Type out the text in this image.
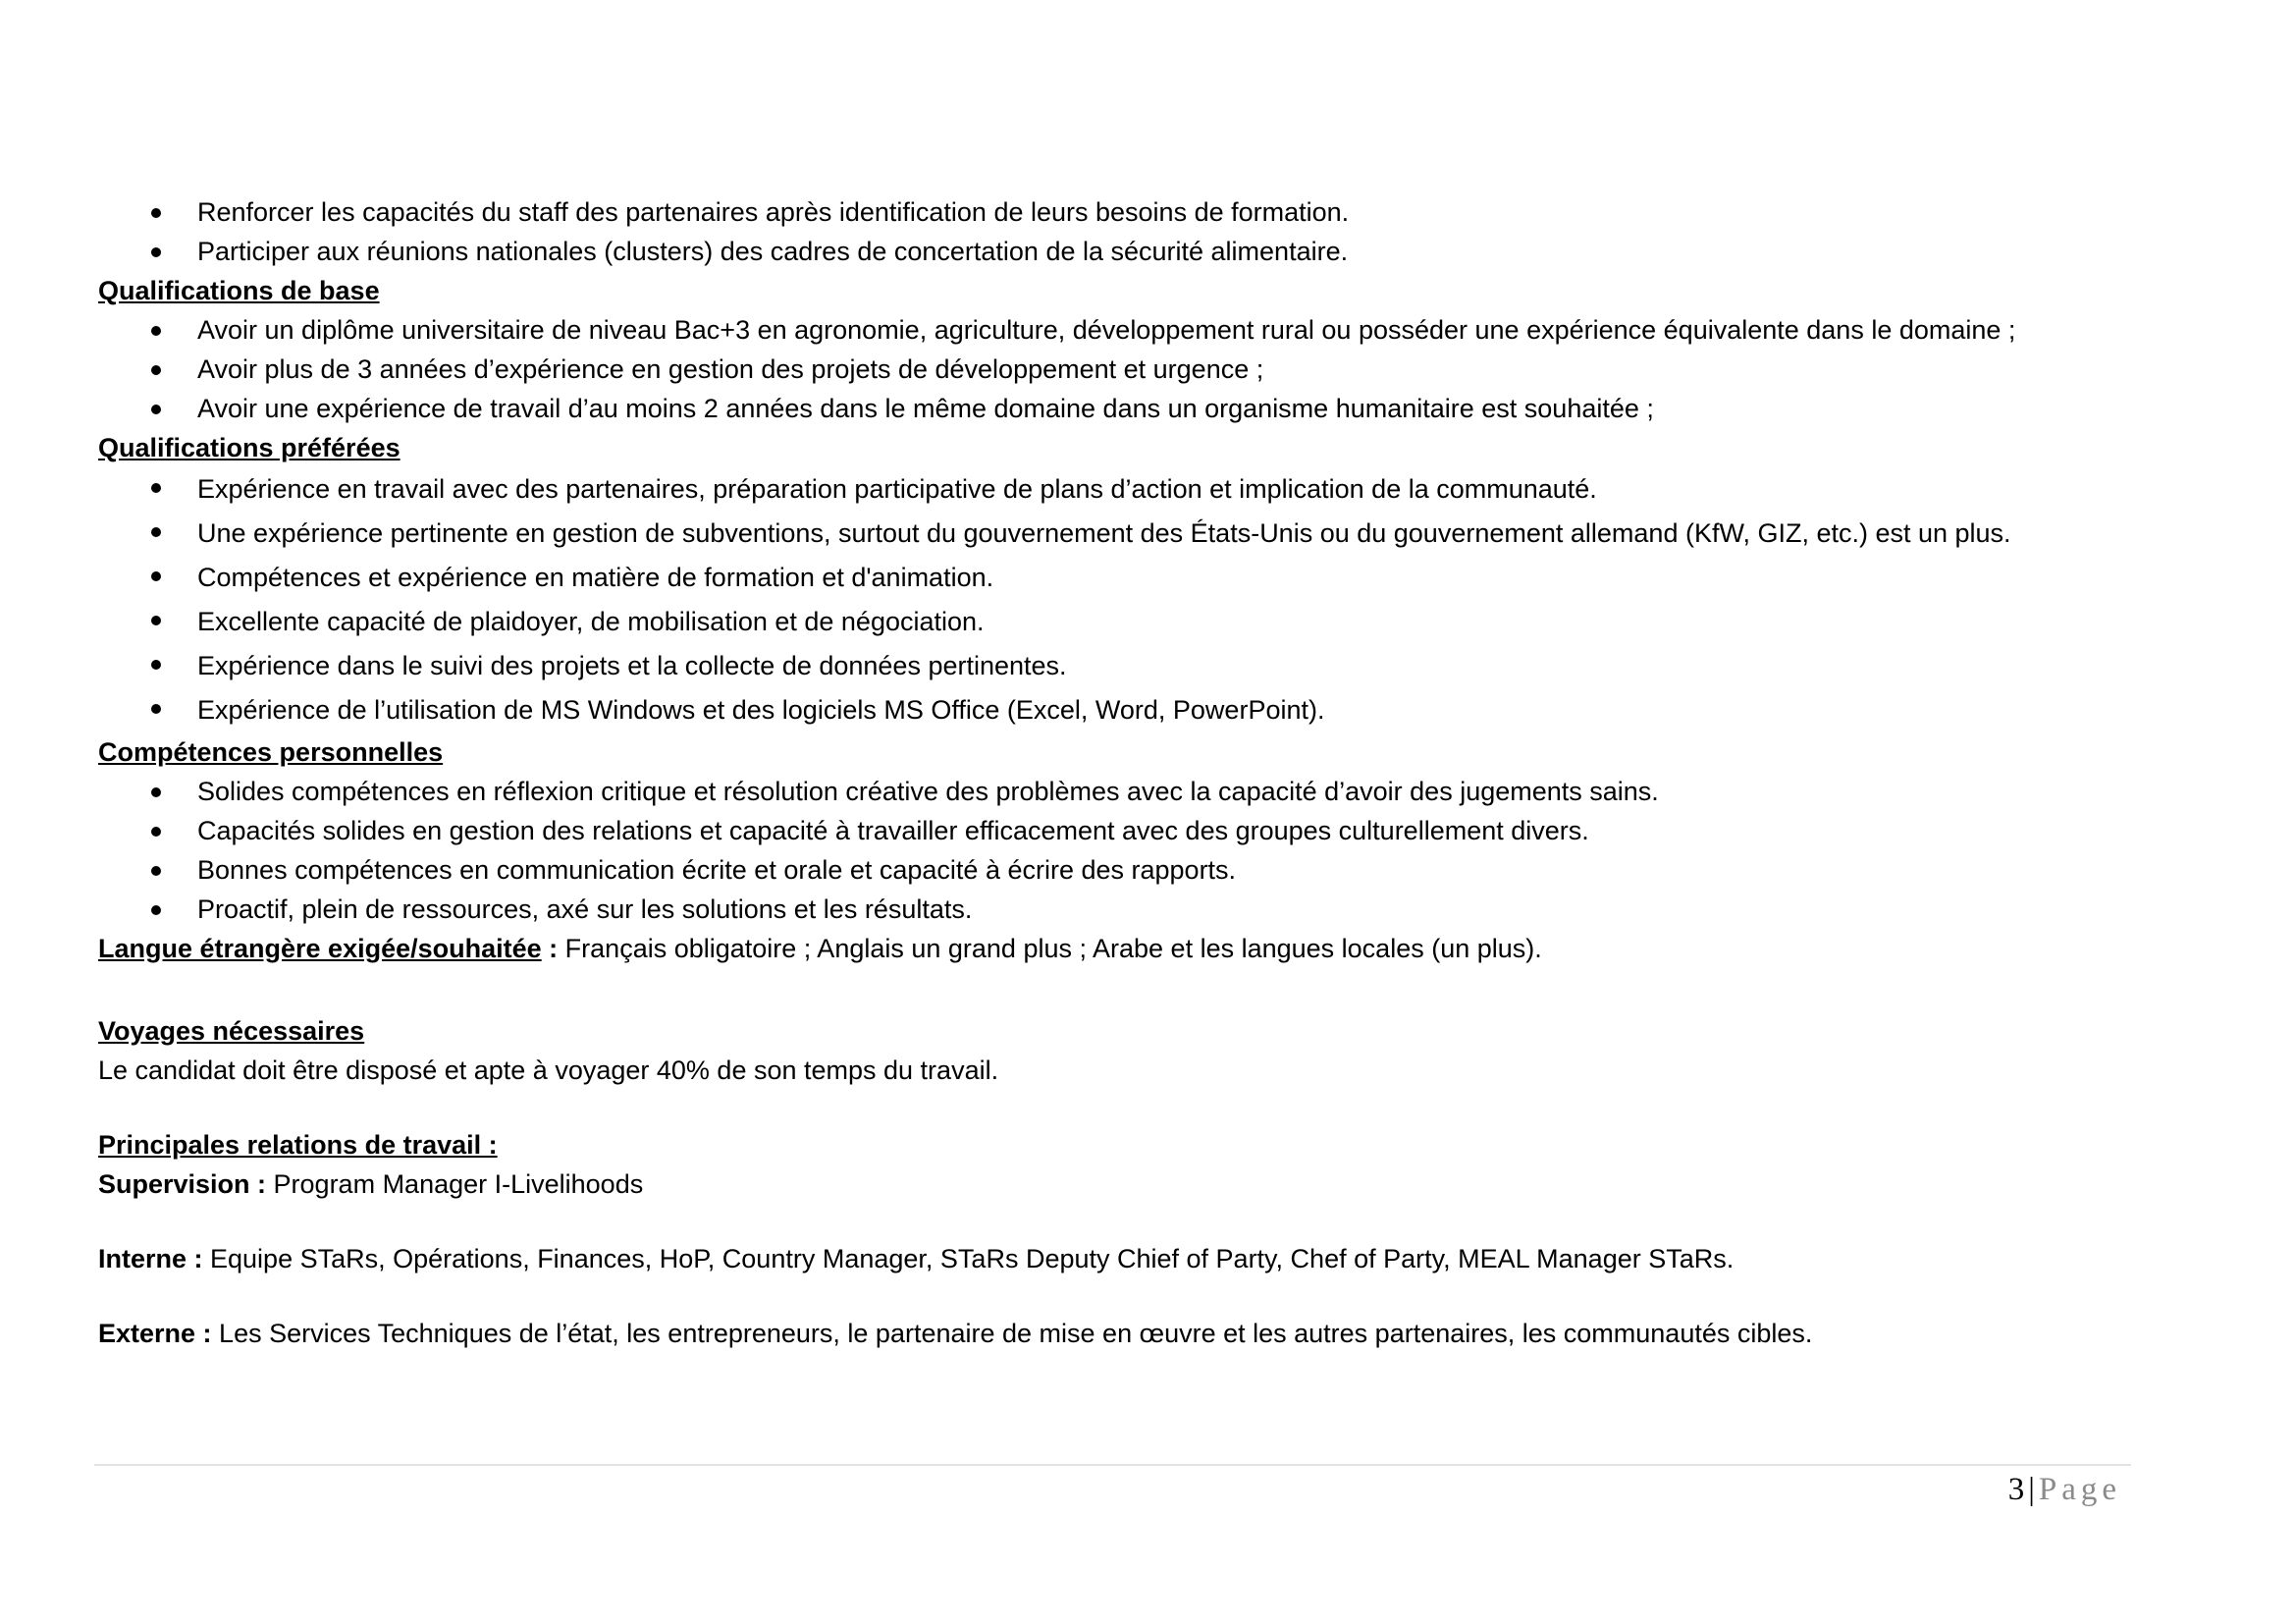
Renforcer les capacités du staff des partenaires après identification de leurs besoins de formation.
Participer aux réunions nationales (clusters) des cadres de concertation de la sécurité alimentaire.
Qualifications de base
Avoir un diplôme universitaire de niveau Bac+3 en agronomie, agriculture, développement rural ou posséder une expérience équivalente dans le domaine ;
Avoir plus de 3 années d’expérience en gestion des projets de développement et urgence ;
Avoir une expérience de travail d’au moins 2 années dans le même domaine dans un organisme humanitaire est souhaitée ;
Qualifications préférées
Expérience en travail avec des partenaires, préparation participative de plans d’action et implication de la communauté.
Une expérience pertinente en gestion de subventions, surtout du gouvernement des États-Unis ou du gouvernement allemand (KfW, GIZ, etc.) est un plus.
Compétences et expérience en matière de formation et d'animation.
Excellente capacité de plaidoyer, de mobilisation et de négociation.
Expérience dans le suivi des projets et la collecte de données pertinentes.
Expérience de l’utilisation de MS Windows et des logiciels MS Office (Excel, Word, PowerPoint).
Compétences personnelles
Solides compétences en réflexion critique et résolution créative des problèmes avec la capacité d’avoir des jugements sains.
Capacités solides en gestion des relations et capacité à travailler efficacement avec des groupes culturellement divers.
Bonnes compétences en communication écrite et orale et capacité à écrire des rapports.
Proactif, plein de ressources, axé sur les solutions et les résultats.
Langue étrangère exigée/souhaitée : Français obligatoire ; Anglais un grand plus ; Arabe et les langues locales (un plus).
Voyages nécessaires
Le candidat doit être disposé et apte à voyager 40% de son temps du travail.
Principales relations de travail :
Supervision : Program Manager I-Livelihoods
Interne : Equipe STaRs, Opérations, Finances, HoP, Country Manager, STaRs Deputy Chief of Party, Chef of Party, MEAL Manager STaRs.
Externe : Les Services Techniques de l’état, les entrepreneurs, le partenaire de mise en œuvre et les autres partenaires, les communautés cibles.
3 | Page
